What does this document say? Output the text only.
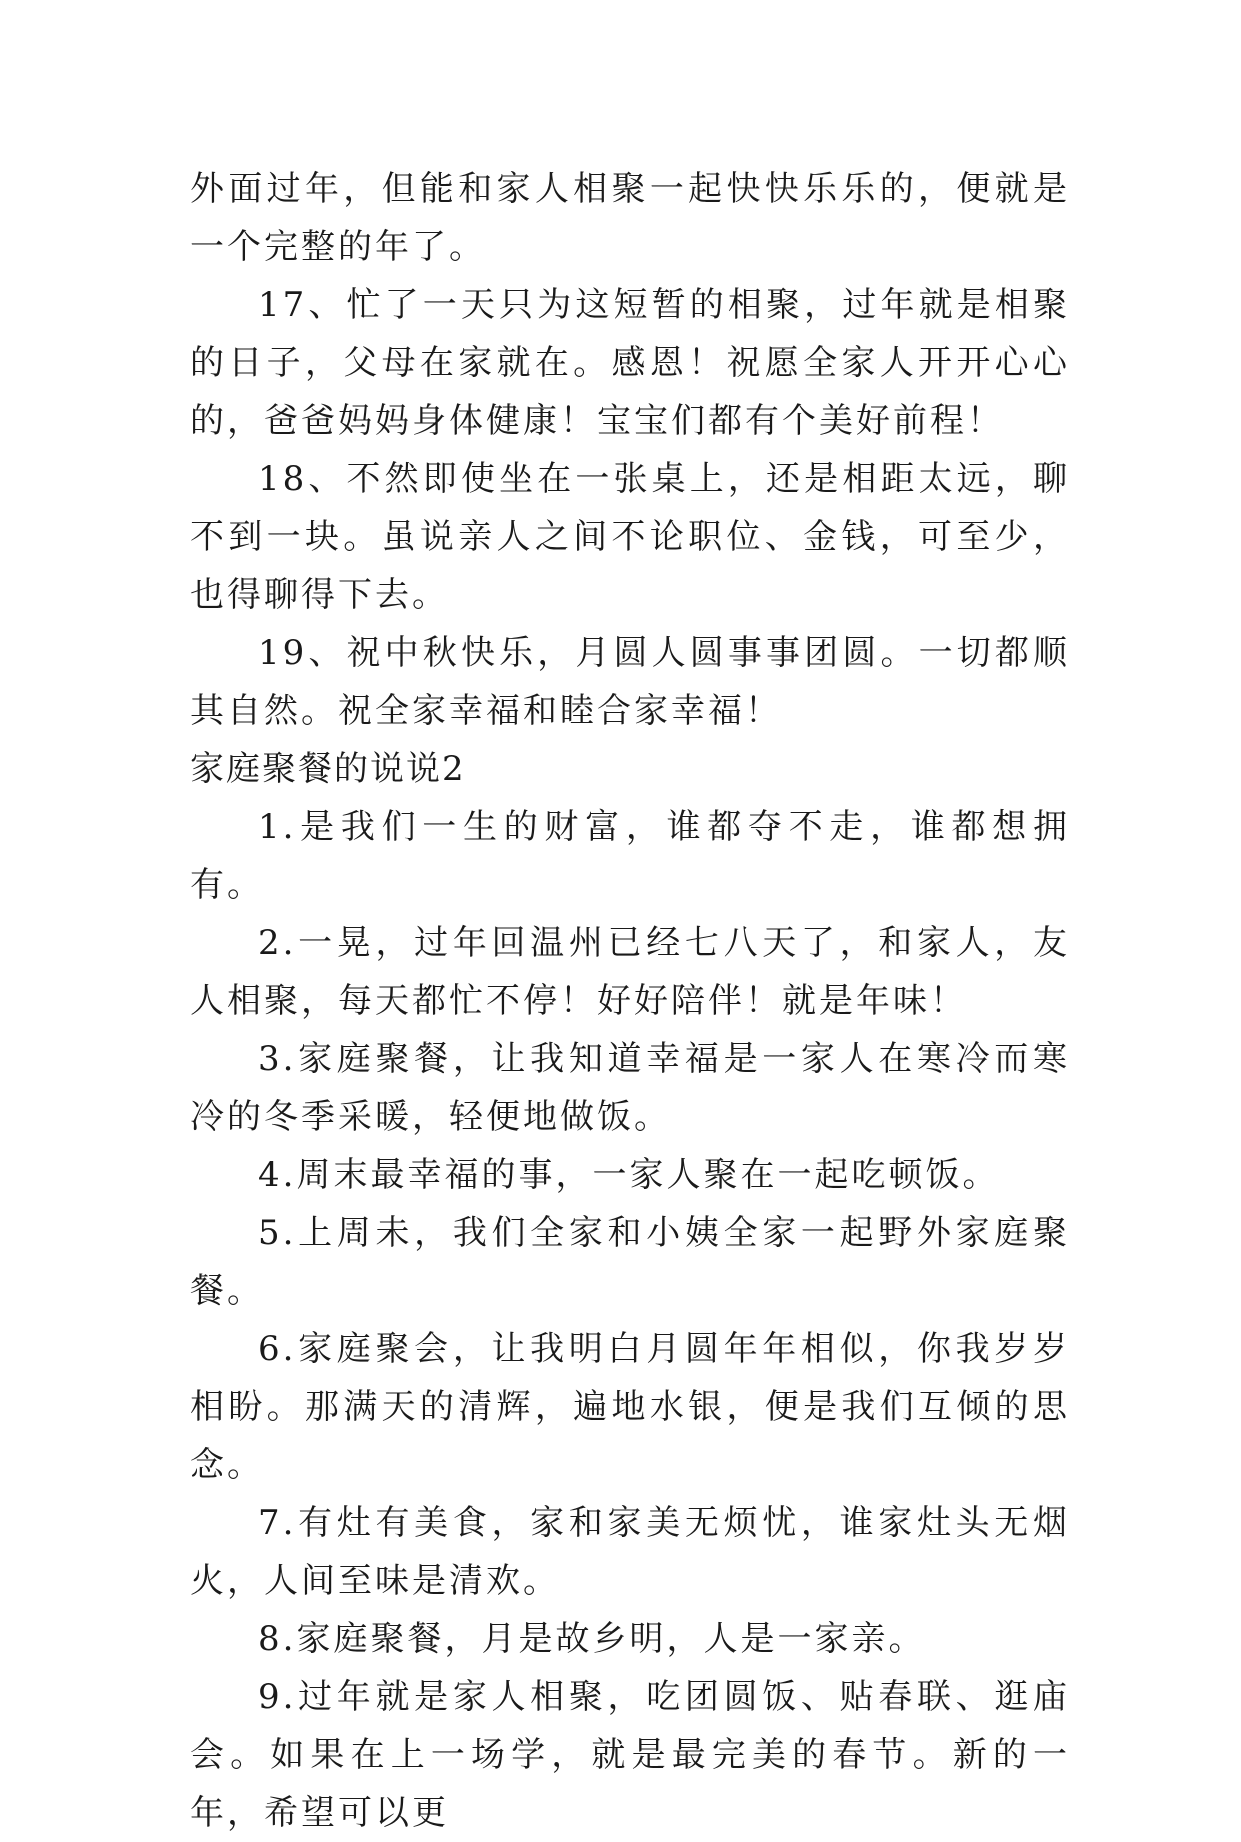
外面过年，但能和家人相聚一起快快乐乐的，便就是一个完整的年了。

17、忙了一天只为这短暂的相聚，过年就是相聚的日子，父母在家就在。感恩！祝愿全家人开开心心的，爸爸妈妈身体健康！宝宝们都有个美好前程！

18、不然即使坐在一张桌上，还是相距太远，聊不到一块。虽说亲人之间不论职位、金钱，可至少，也得聊得下去。

19、祝中秋快乐，月圆人圆事事团圆。一切都顺其自然。祝全家幸福和睦合家幸福！

家庭聚餐的说说2

1.是我们一生的财富，谁都夺不走，谁都想拥有。

2.一晃，过年回温州已经七八天了，和家人，友人相聚，每天都忙不停！好好陪伴！就是年味！

3.家庭聚餐，让我知道幸福是一家人在寒冷而寒冷的冬季采暖，轻便地做饭。

4.周末最幸福的事，一家人聚在一起吃顿饭。

5.上周未，我们全家和小姨全家一起野外家庭聚餐。

6.家庭聚会，让我明白月圆年年相似，你我岁岁相盼。那满天的清辉，遍地水银，便是我们互倾的思念。

7.有灶有美食，家和家美无烦忧，谁家灶头无烟火，人间至味是清欢。

8.家庭聚餐，月是故乡明，人是一家亲。

9.过年就是家人相聚，吃团圆饭、贴春联、逛庙会。如果在上一场学，就是最完美的春节。新的一年，希望可以更
